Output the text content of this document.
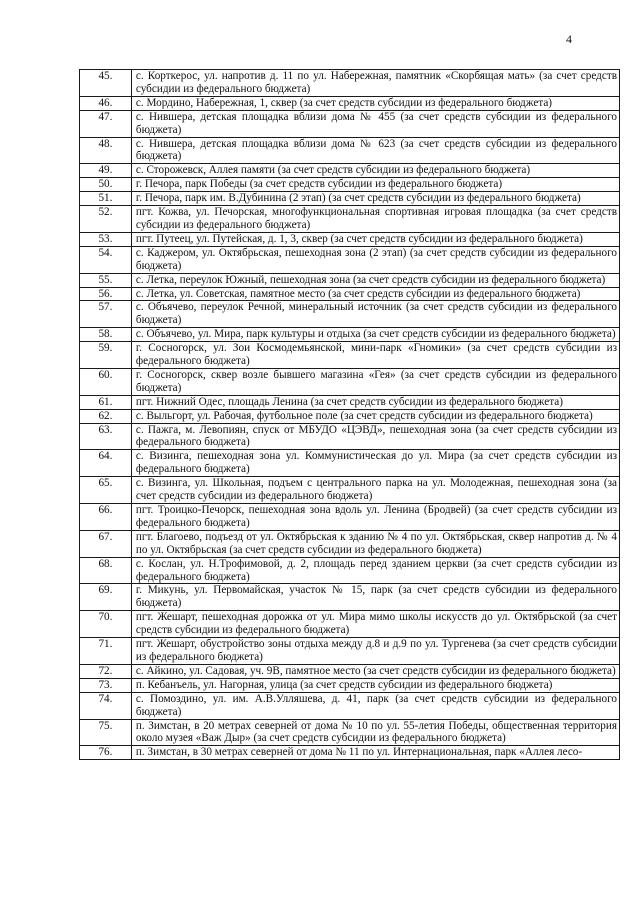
4
45.	с. Корткерос, ул. напротив д. 11 по ул. Набережная, памятник «Скорбящая мать» (за счет средств субсидии из федерального бюджета)
46.	с. Мордино, Набережная, 1, сквер (за счет средств субсидии из федерального бюджета)
47.	с. Нившера, детская площадка вблизи дома № 455 (за счет средств субсидии из федерального бюджета)
48.	с. Нившера, детская площадка вблизи дома № 623 (за счет средств субсидии из федерального бюджета)
49.	с. Сторожевск, Аллея памяти (за счет средств субсидии из федерального бюджета)
50.	г. Печора, парк Победы (за счет средств субсидии из федерального бюджета)
51.	г. Печора, парк им. В.Дубинина (2 этап) (за счет средств субсидии из федерального бюджета)
52.	пгт. Кожва, ул. Печорская, многофункциональная спортивная игровая площадка (за счет средств субсидии из федерального бюджета)
53.	пгт. Путеец, ул. Путейская, д. 1, 3, сквер (за счет средств субсидии из федерального бюджета)
54.	с. Каджером, ул. Октябрьская, пешеходная зона (2 этап) (за счет средств субсидии из федерального бюджета)
55.	с. Летка, переулок Южный, пешеходная зона (за счет средств субсидии из федерального бюджета)
56.	с. Летка, ул. Советская, памятное место (за счет средств субсидии из федерального бюджета)
57.	с. Объячево, переулок Речной, минеральный источник (за счет средств субсидии из федерального бюджета)
58.	с. Объячево, ул. Мира, парк культуры и отдыха (за счет средств субсидии из федерального бюджета)
59.	г. Сосногорск, ул. Зои Космодемьянской, мини-парк «Гномики» (за счет средств субсидии из федерального бюджета)
60.	г. Сосногорск, сквер возле бывшего магазина «Гея» (за счет средств субсидии из федерального бюджета)
61.	пгт. Нижний Одес, площадь Ленина (за счет средств субсидии из федерального бюджета)
62.	с. Выльгорт, ул. Рабочая, футбольное поле (за счет средств субсидии из федерального бюджета)
63.	с. Пажга, м. Левопиян, спуск от МБУДО «ЦЭВД», пешеходная зона (за счет средств субсидии из федерального бюджета)
64.	с. Визинга, пешеходная зона ул. Коммунистическая до ул. Мира (за счет средств субсидии из федерального бюджета)
65.	с. Визинга, ул. Школьная, подъем с центрального парка на ул. Молодежная, пешеходная зона (за счет средств субсидии из федерального бюджета)
66.	пгт. Троицко-Печорск, пешеходная зона вдоль ул. Ленина (Бродвей) (за счет средств субсидии из федерального бюджета)
67.	пгт. Благоево, подъезд от ул. Октябрьская к зданию № 4 по ул. Октябрьская, сквер напротив д. № 4 по ул. Октябрьская (за счет средств субсидии из федерального бюджета)
68.	с. Кослан, ул. Н.Трофимовой, д. 2, площадь перед зданием церкви (за счет средств субсидии из федерального бюджета)
69.	г. Микунь, ул. Первомайская, участок № 15, парк (за счет средств субсидии из федерального бюджета)
70.	пгт. Жешарт, пешеходная дорожка от ул. Мира мимо школы искусств до ул. Октябрьской (за счет средств субсидии из федерального бюджета)
71.	пгт. Жешарт, обустройство зоны отдыха между д.8 и д.9 по ул. Тургенева (за счет средств субсидии из федерального бюджета)
72.	с. Айкино, ул. Садовая, уч. 9В, памятное место (за счет средств субсидии из федерального бюджета)
73.	п. Кебанъель, ул. Нагорная, улица (за счет средств субсидии из федерального бюджета)
74.	с. Помоздино, ул. им. А.В.Улляшева, д. 41, парк (за счет средств субсидии из федерального бюджета)
75.	п. Зимстан, в 20 метрах северней от дома № 10 по ул. 55-летия Победы, общественная территория около музея «Важ Дыр» (за счет средств субсидии из федерального бюджета)
76.	п. Зимстан, в 30 метрах северней от дома № 11 по ул. Интернациональная, парк «Аллея лесо-
